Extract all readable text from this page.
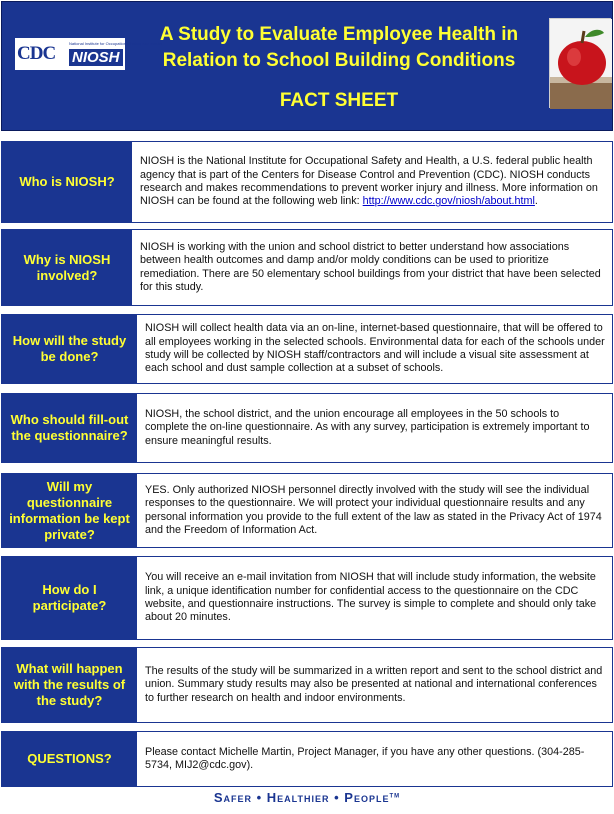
CDC	National Institute for Occupational Safety and Health
NIOSH
A Study to Evaluate Employee Health in
Relation to School Building Conditions
FACT SHEET
Who is NIOSH?

NIOSH is the National Institute for Occupational Safety and Health, a U.S. federal public health agency that is part of the Centers for Disease Control and Prevention (CDC). NIOSH conducts research and makes recommendations to prevent worker injury and illness. More information on NIOSH can be found at the following web link: http://www.cdc.gov/niosh/about.html.

Why is NIOSH involved?
NIOSH is working with the union and school district to better understand how associations between health outcomes and damp and/or moldy conditions can be used to prioritize remediation. There are 50 elementary school buildings from your district that have been selected for this study.
How will the study be done?
NIOSH will collect health data via an on-line, internet-based questionnaire, that will be offered to all employees working in the selected schools. Environmental data for each of the schools under study will be collected by NIOSH staff/contractors and will include a visual site assessment at each school and dust sample collection at a subset of schools.
Who should fill-out the questionnaire?
NIOSH, the school district, and the union encourage all employees in the 50 schools to complete the on-line questionnaire. As with any survey, participation is extremely important to ensure meaningful results.
Will my questionnaire information be kept private?
YES. Only authorized NIOSH personnel directly involved with the study will see the individual responses to the questionnaire. We will protect your individual questionnaire results and any personal information you provide to the full extent of the law as stated in the Privacy Act of 1974 and the Freedom of Information Act.
How do I participate?
You will receive an e-mail invitation from NIOSH that will include study information, the website link, a unique identification number for confidential access to the questionnaire on the CDC website, and questionnaire instructions. The survey is simple to complete and should only take about 20 minutes.
What will happen with the results of the study?
The results of the study will be summarized in a written report and sent to the school district and union. Summary study results may also be presented at national and international conferences to further research on health and indoor environments.
QUESTIONS?	Please contact Michelle Martin, Project Manager, if you have any other questions. (304-285-5734, MIJ2@cdc.gov).
Safer • Healthier • People™
